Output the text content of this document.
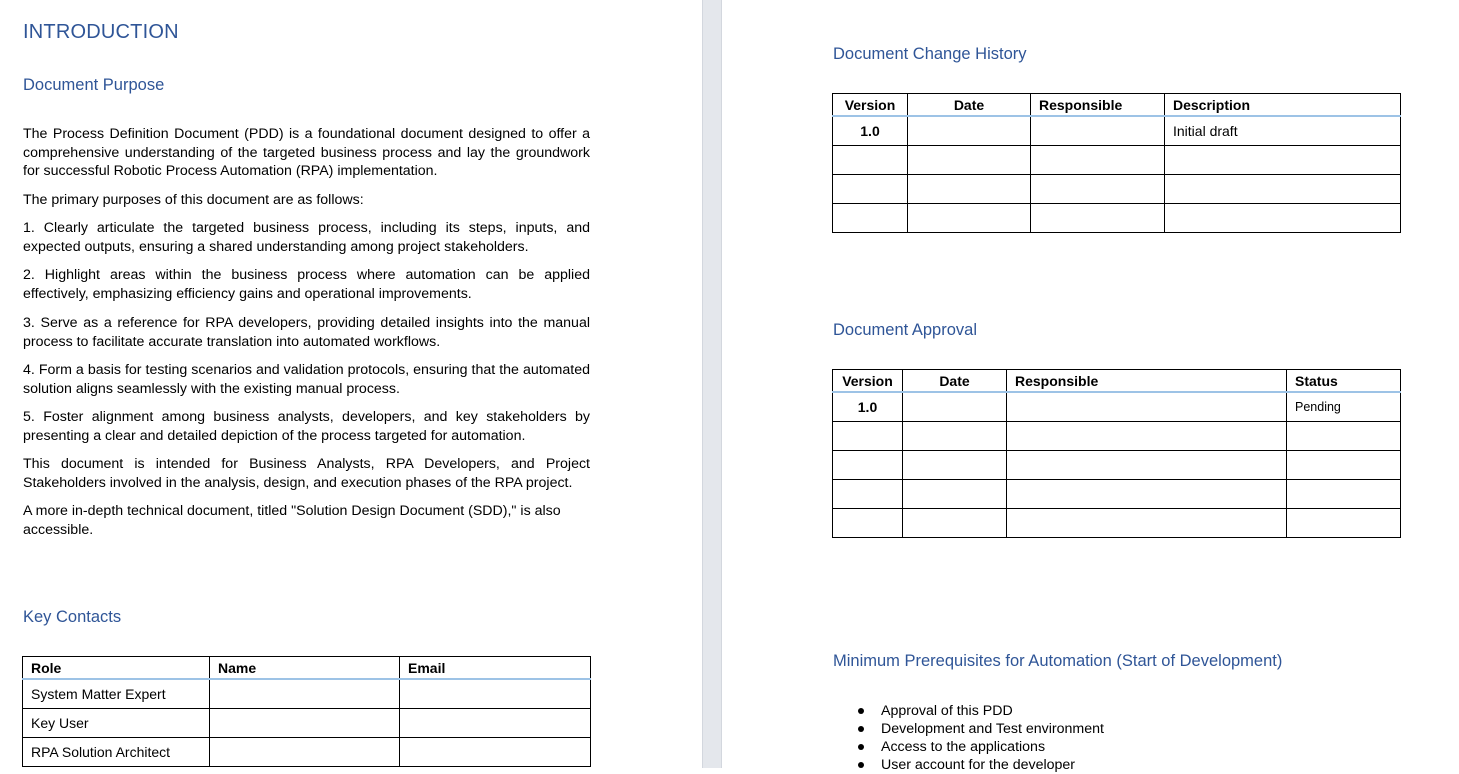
INTRODUCTION
Document Purpose

The Process Definition Document (PDD) is a foundational document designed to offer a comprehensive understanding of the targeted business process and lay the groundwork for successful Robotic Process Automation (RPA) implementation.

The primary purposes of this document are as follows:

1. Clearly articulate the targeted business process, including its steps, inputs, and expected outputs, ensuring a shared understanding among project stakeholders.

2. Highlight areas within the business process where automation can be applied effectively, emphasizing efficiency gains and operational improvements.

3. Serve as a reference for RPA developers, providing detailed insights into the manual process to facilitate accurate translation into automated workflows.

4. Form a basis for testing scenarios and validation protocols, ensuring that the automated solution aligns seamlessly with the existing manual process.

5. Foster alignment among business analysts, developers, and key stakeholders by presenting a clear and detailed depiction of the process targeted for automation.

This document is intended for Business Analysts, RPA Developers, and Project Stakeholders involved in the analysis, design, and execution phases of the RPA project.

A more in-depth technical document, titled "Solution Design Document (SDD)," is also accessible.

Key Contacts
Role	Name	Email
System Matter Expert		
Key User		
RPA Solution Architect		
Document Change History
Version	Date	Responsible	Description
1.0			Initial draft

Document Approval
Version	Date	Responsible	Status
1.0			Pending

Minimum Prerequisites for Automation (Start of Development)
Approval of this PDD
Development and Test environment
Access to the applications
User account for the developer
